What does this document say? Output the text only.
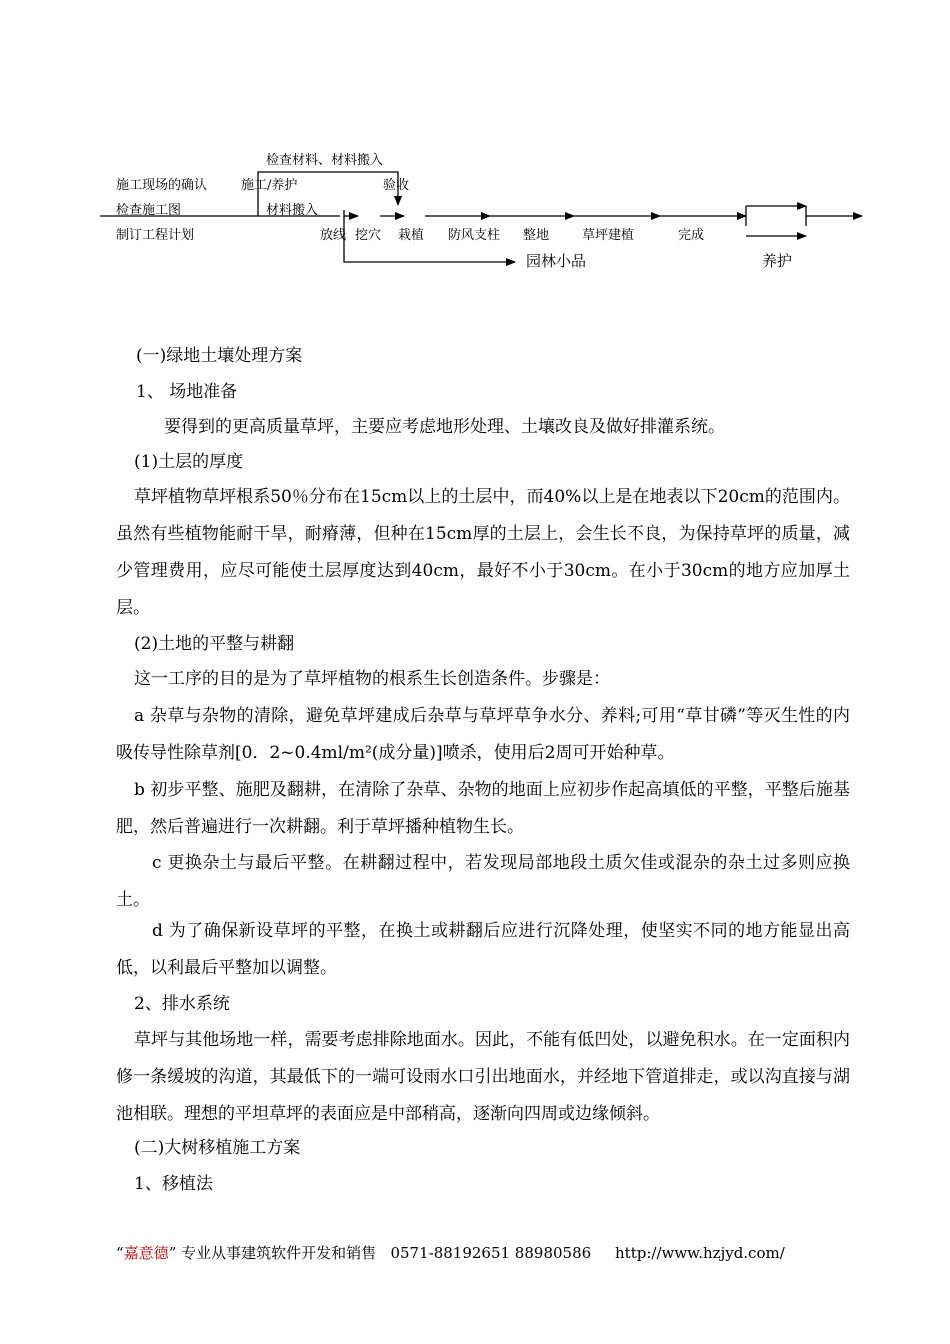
施工现场的确认
检查施工图
制订工程计划
检查材料、材料搬入
施工/养护	验收
材料搬入
放线 挖穴 栽植 防风支柱 整地	草坪建植	完成
园林小品	养护

(一)绿地土壤处理方案

1、 场地准备

要得到的更高质量草坪，主要应考虑地形处理、土壤改良及做好排灌系统。

(1)土层的厚度

草坪植物草坪根系50％分布在15cm以上的土层中，而40%以上是在地表以下20cm的范围内。虽然有些植物能耐干旱，耐瘠薄，但种在15cm厚的土层上，会生长不良，为保持草坪的质量，减少管理费用，应尽可能使土层厚度达到40cm，最好不小于30cm。在小于30cm的地方应加厚土层。

(2)土地的平整与耕翻

这一工序的目的是为了草坪植物的根系生长创造条件。步骤是：

a 杂草与杂物的清除，避免草坪建成后杂草与草坪草争水分、养料;可用“草甘磷”等灭生性的内吸传导性除草剂[0．2~0.4ml/m²(成分量)]喷杀，使用后2周可开始种草。

b 初步平整、施肥及翻耕，在清除了杂草、杂物的地面上应初步作起高填低的平整，平整后施基肥，然后普遍进行一次耕翻。利于草坪播种植物生长。

c 更换杂土与最后平整。在耕翻过程中，若发现局部地段土质欠佳或混杂的杂土过多则应换土。

d 为了确保新设草坪的平整，在换土或耕翻后应进行沉降处理，使坚实不同的地方能显出高低，以利最后平整加以调整。

2、排水系统

草坪与其他场地一样，需要考虑排除地面水。因此，不能有低凹处，以避免积水。在一定面积内修一条缓坡的沟道，其最低下的一端可设雨水口引出地面水，并经地下管道排走，或以沟直接与湖池相联。理想的平坦草坪的表面应是中部稍高，逐渐向四周或边缘倾斜。

(二)大树移植施工方案

1、移植法

“嘉意德” 专业从事建筑软件开发和销售 0571-88192651 88980586 http://www.hzjyd.com/
